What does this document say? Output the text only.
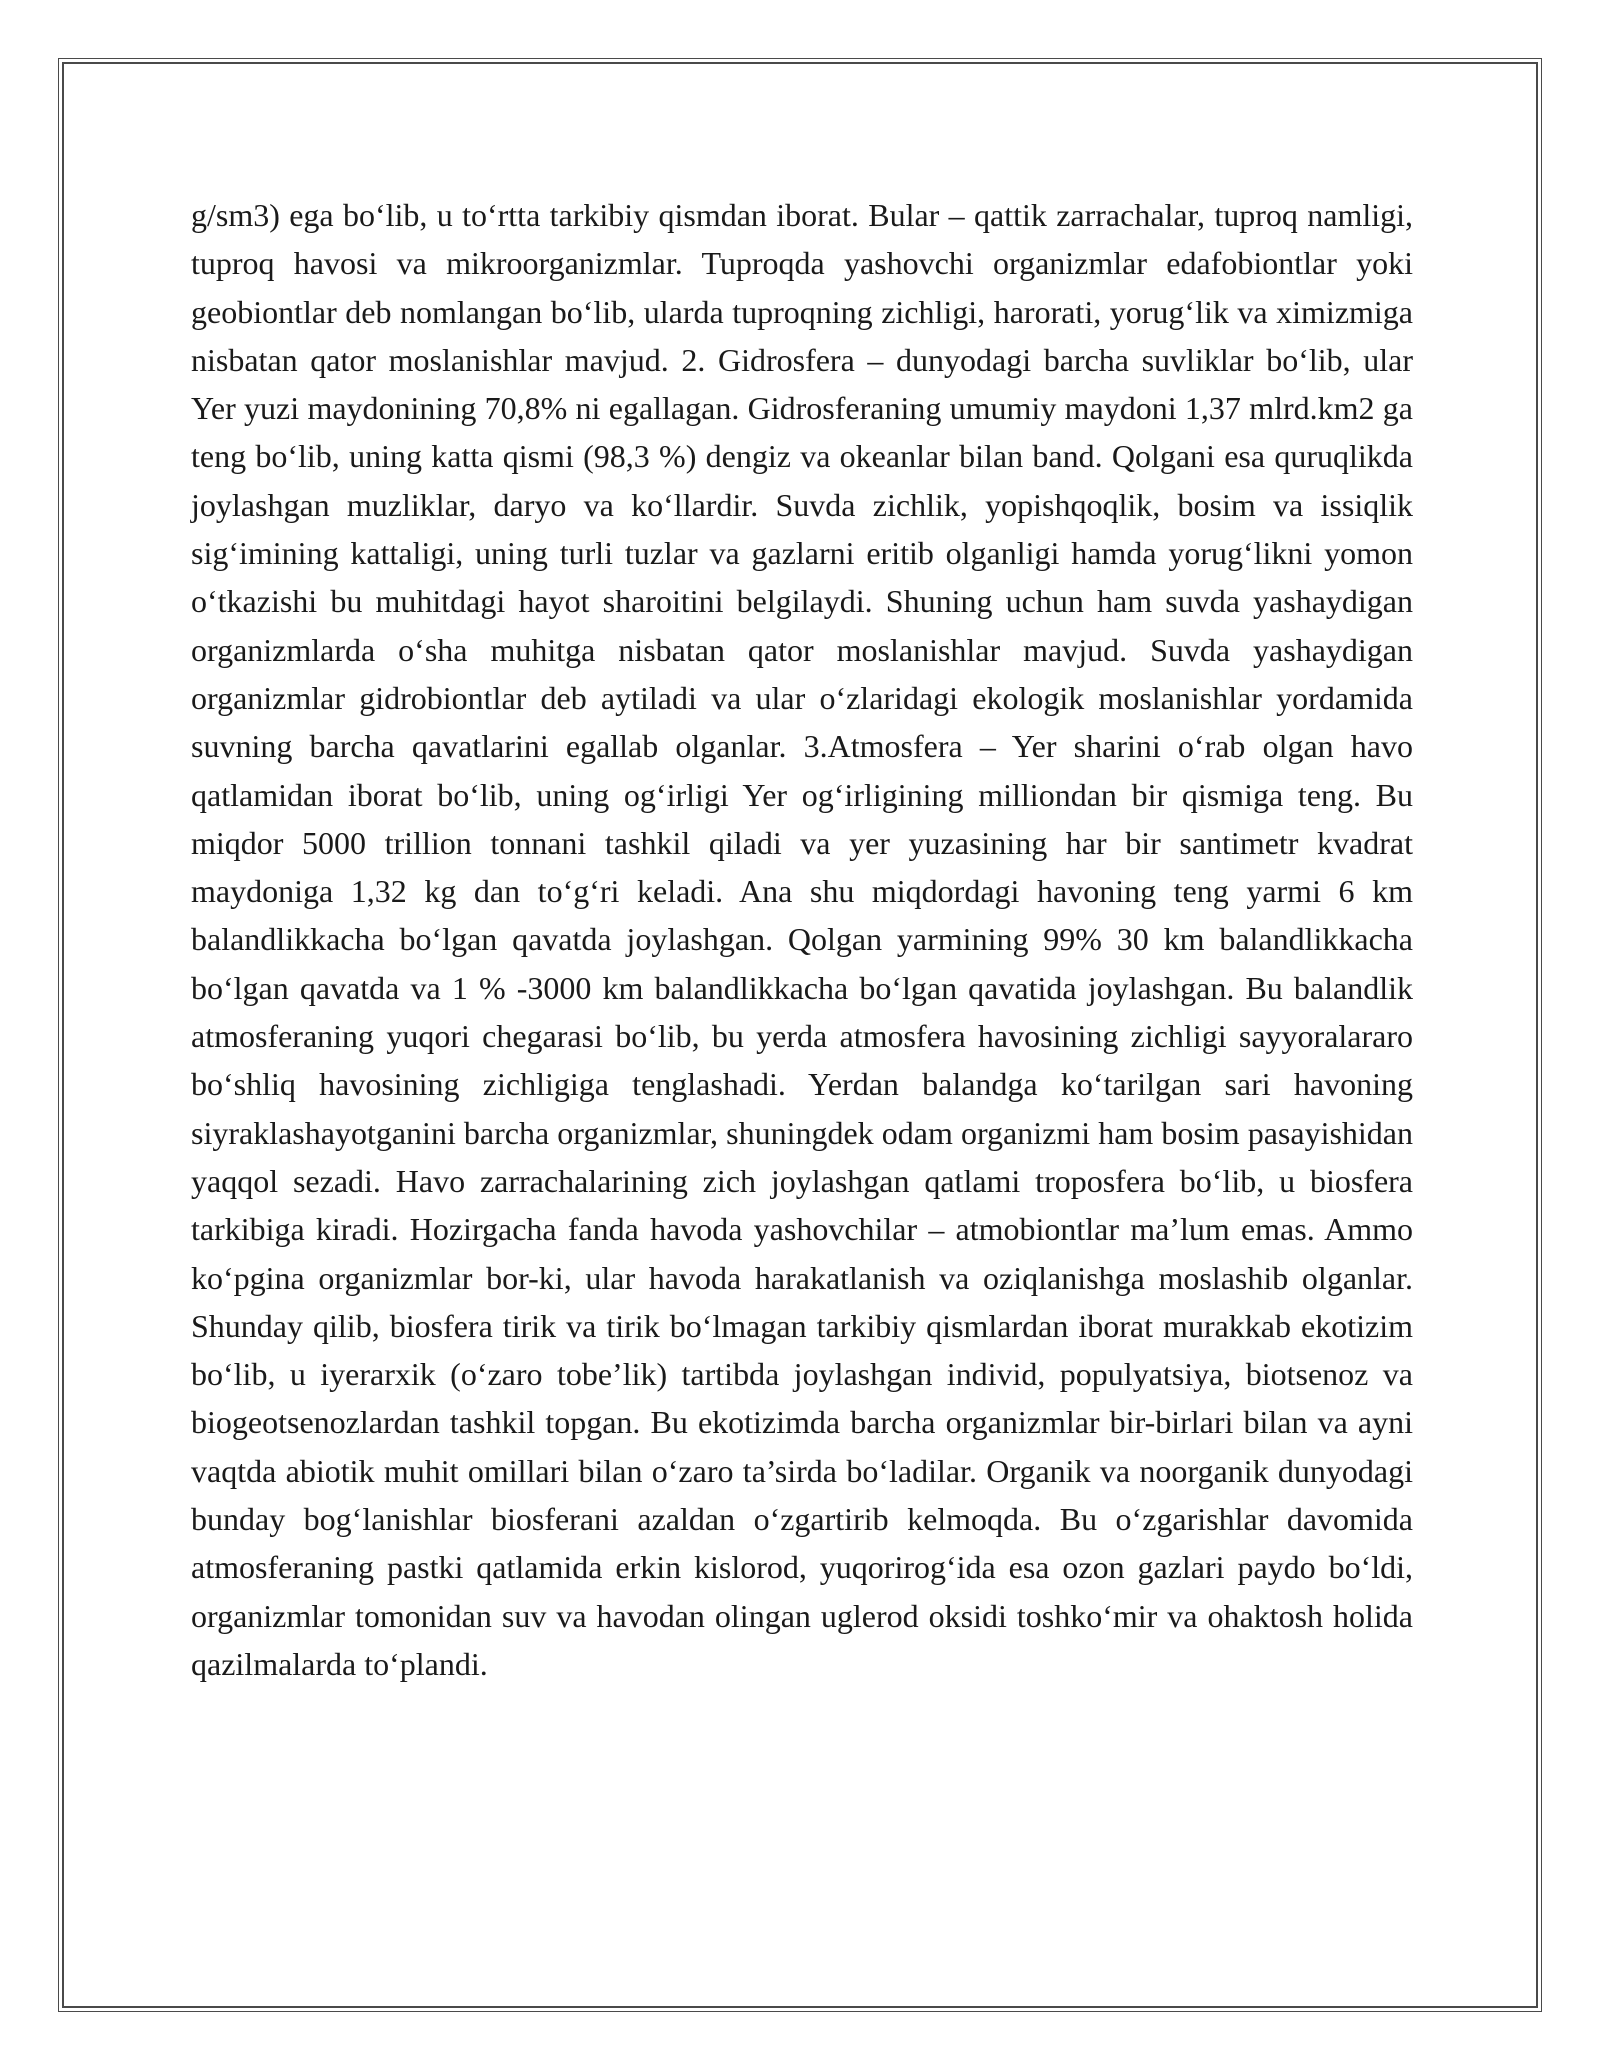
g/sm3) ega bo‘lib, u to‘rtta tarkibiy qismdan iborat. Bular – qattik zarrachalar, tuproq namligi, tuproq havosi va mikroorganizmlar. Tuproqda yashovchi organizmlar edafobiontlar yoki geobiontlar deb nomlangan bo‘lib, ularda tuproqning zichligi, harorati, yorug‘lik va ximizmiga nisbatan qator moslanishlar mavjud. 2. Gidrosfera – dunyodagi barcha suvliklar bo‘lib, ular Yer yuzi maydonining 70,8% ni egallagan. Gidrosferaning umumiy maydoni 1,37 mlrd.km2 ga teng bo‘lib, uning katta qismi (98,3 %) dengiz va okeanlar bilan band. Qolgani esa quruqlikda joylashgan muzliklar, daryo va ko‘llardir. Suvda zichlik, yopishqoqlik, bosim va issiqlik sig‘imining kattaligi, uning turli tuzlar va gazlarni eritib olganligi hamda yorug‘likni yomon o‘tkazishi bu muhitdagi hayot sharoitini belgilaydi. Shuning uchun ham suvda yashaydigan organizmlarda o‘sha muhitga nisbatan qator moslanishlar mavjud. Suvda yashaydigan organizmlar gidrobiontlar deb aytiladi va ular o‘zlaridagi ekologik moslanishlar yordamida suvning barcha qavatlarini egallab olganlar. 3.Atmosfera – Yer sharini o‘rab olgan havo qatlamidan iborat bo‘lib, uning og‘irligi Yer og‘irligining milliondan bir qismiga teng. Bu miqdor 5000 trillion tonnani tashkil qiladi va yer yuzasining har bir santimetr kvadrat maydoniga 1,32 kg dan to‘g‘ri keladi. Ana shu miqdordagi havoning teng yarmi 6 km balandlikkacha bo‘lgan qavatda joylashgan. Qolgan yarmining 99% 30 km balandlikkacha bo‘lgan qavatda va 1 % -3000 km balandlikkacha bo‘lgan qavatida joylashgan. Bu balandlik atmosferaning yuqori chegarasi bo‘lib, bu yerda atmosfera havosining zichligi sayyoralararo bo‘shliq havosining zichligiga tenglashadi. Yerdan balandga ko‘tarilgan sari havoning siyraklashayotganini barcha organizmlar, shuningdek odam organizmi ham bosim pasayishidan yaqqol sezadi. Havo zarrachalarining zich joylashgan qatlami troposfera bo‘lib, u biosfera tarkibiga kiradi. Hozirgacha fanda havoda yashovchilar – atmobiontlar ma’lum emas. Ammo ko‘pgina organizmlar bor-ki, ular havoda harakatlanish va oziqlanishga moslashib olganlar. Shunday qilib, biosfera tirik va tirik bo‘lmagan tarkibiy qismlardan iborat murakkab ekotizim bo‘lib, u iyerarxik (o‘zaro tobe’lik) tartibda joylashgan individ, populyatsiya, biotsenoz va biogeotsenozlardan tashkil topgan. Bu ekotizimda barcha organizmlar bir-birlari bilan va ayni vaqtda abiotik muhit omillari bilan o‘zaro ta’sirda bo‘ladilar. Organik va noorganik dunyodagi bunday bog‘lanishlar biosferani azaldan o‘zgartirib kelmoqda. Bu o‘zgarishlar davomida atmosferaning pastki qatlamida erkin kislorod, yuqorirog‘ida esa ozon gazlari paydo bo‘ldi, organizmlar tomonidan suv va havodan olingan uglerod oksidi toshko‘mir va ohaktosh holida qazilmalarda to‘plandi.
